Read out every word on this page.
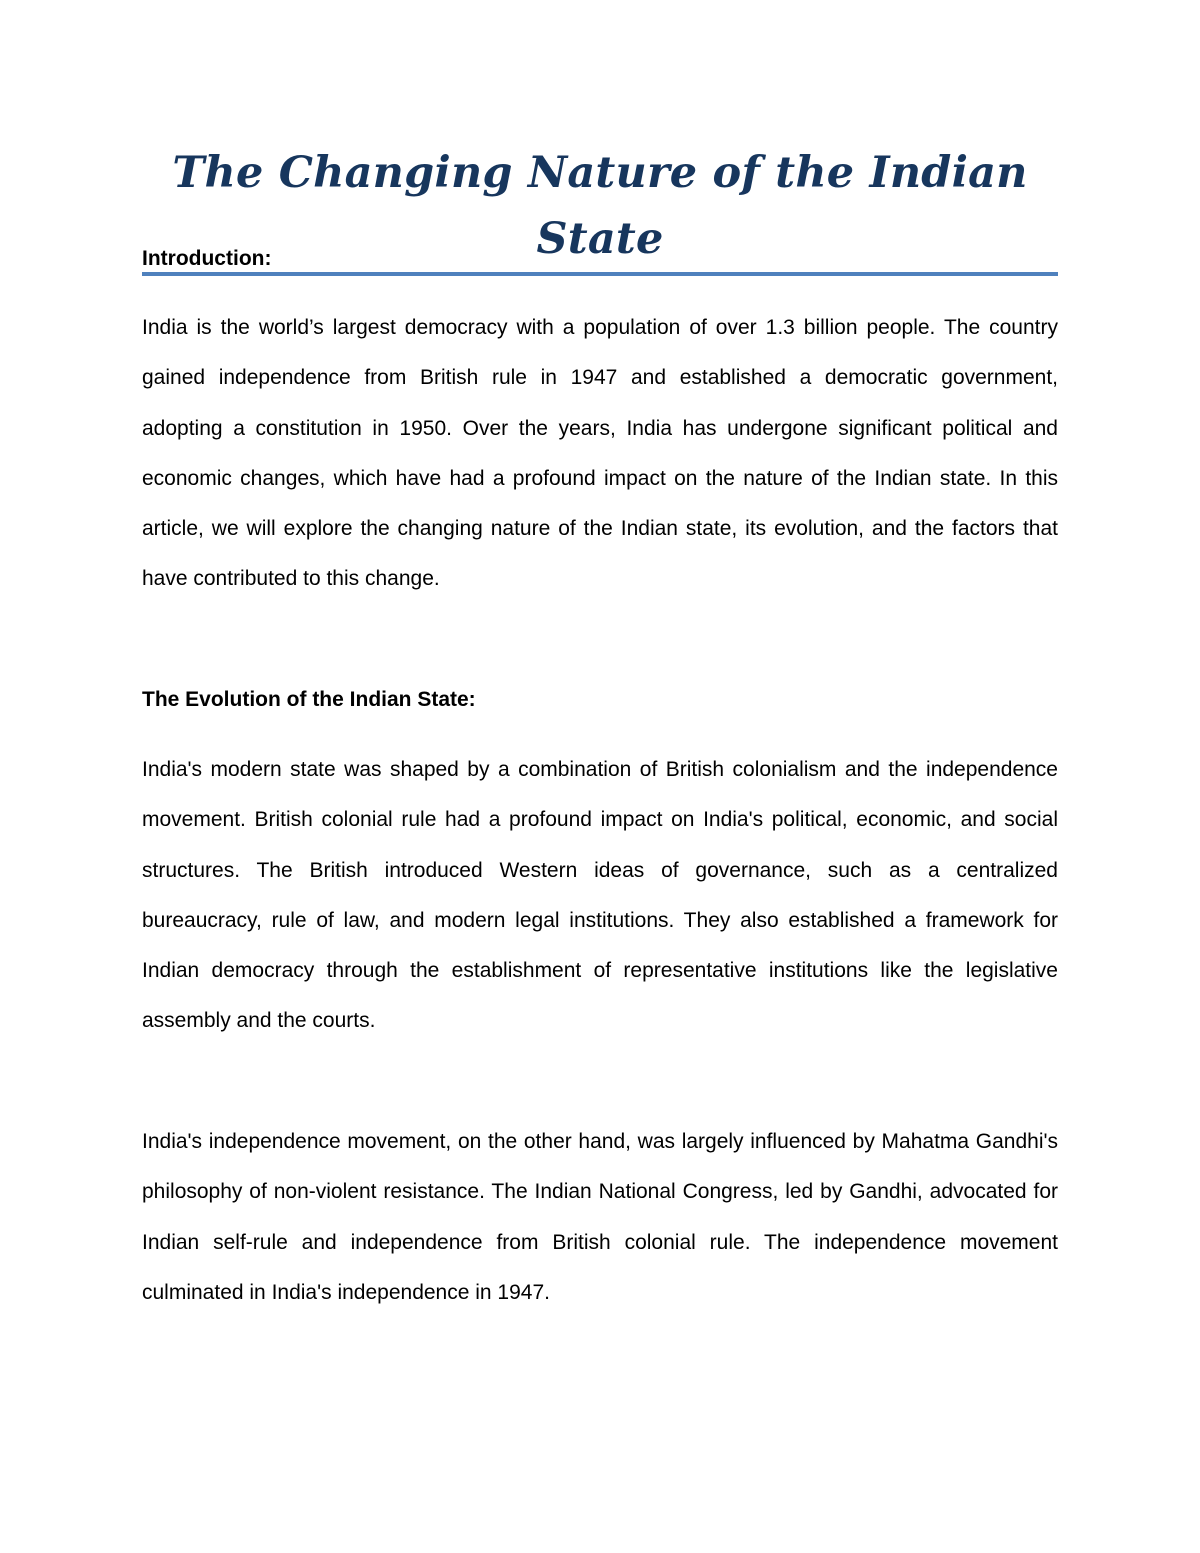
The Changing Nature of the Indian State

Introduction:

India is the world’s largest democracy with a population of over 1.3 billion people. The country gained independence from British rule in 1947 and established a democratic government, adopting a constitution in 1950. Over the years, India has undergone significant political and economic changes, which have had a profound impact on the nature of the Indian state. In this article, we will explore the changing nature of the Indian state, its evolution, and the factors that have contributed to this change.

The Evolution of the Indian State:

India's modern state was shaped by a combination of British colonialism and the independence movement. British colonial rule had a profound impact on India's political, economic, and social structures. The British introduced Western ideas of governance, such as a centralized bureaucracy, rule of law, and modern legal institutions. They also established a framework for Indian democracy through the establishment of representative institutions like the legislative assembly and the courts.

India's independence movement, on the other hand, was largely influenced by Mahatma Gandhi's philosophy of non-violent resistance. The Indian National Congress, led by Gandhi, advocated for Indian self-rule and independence from British colonial rule. The independence movement culminated in India's independence in 1947.
